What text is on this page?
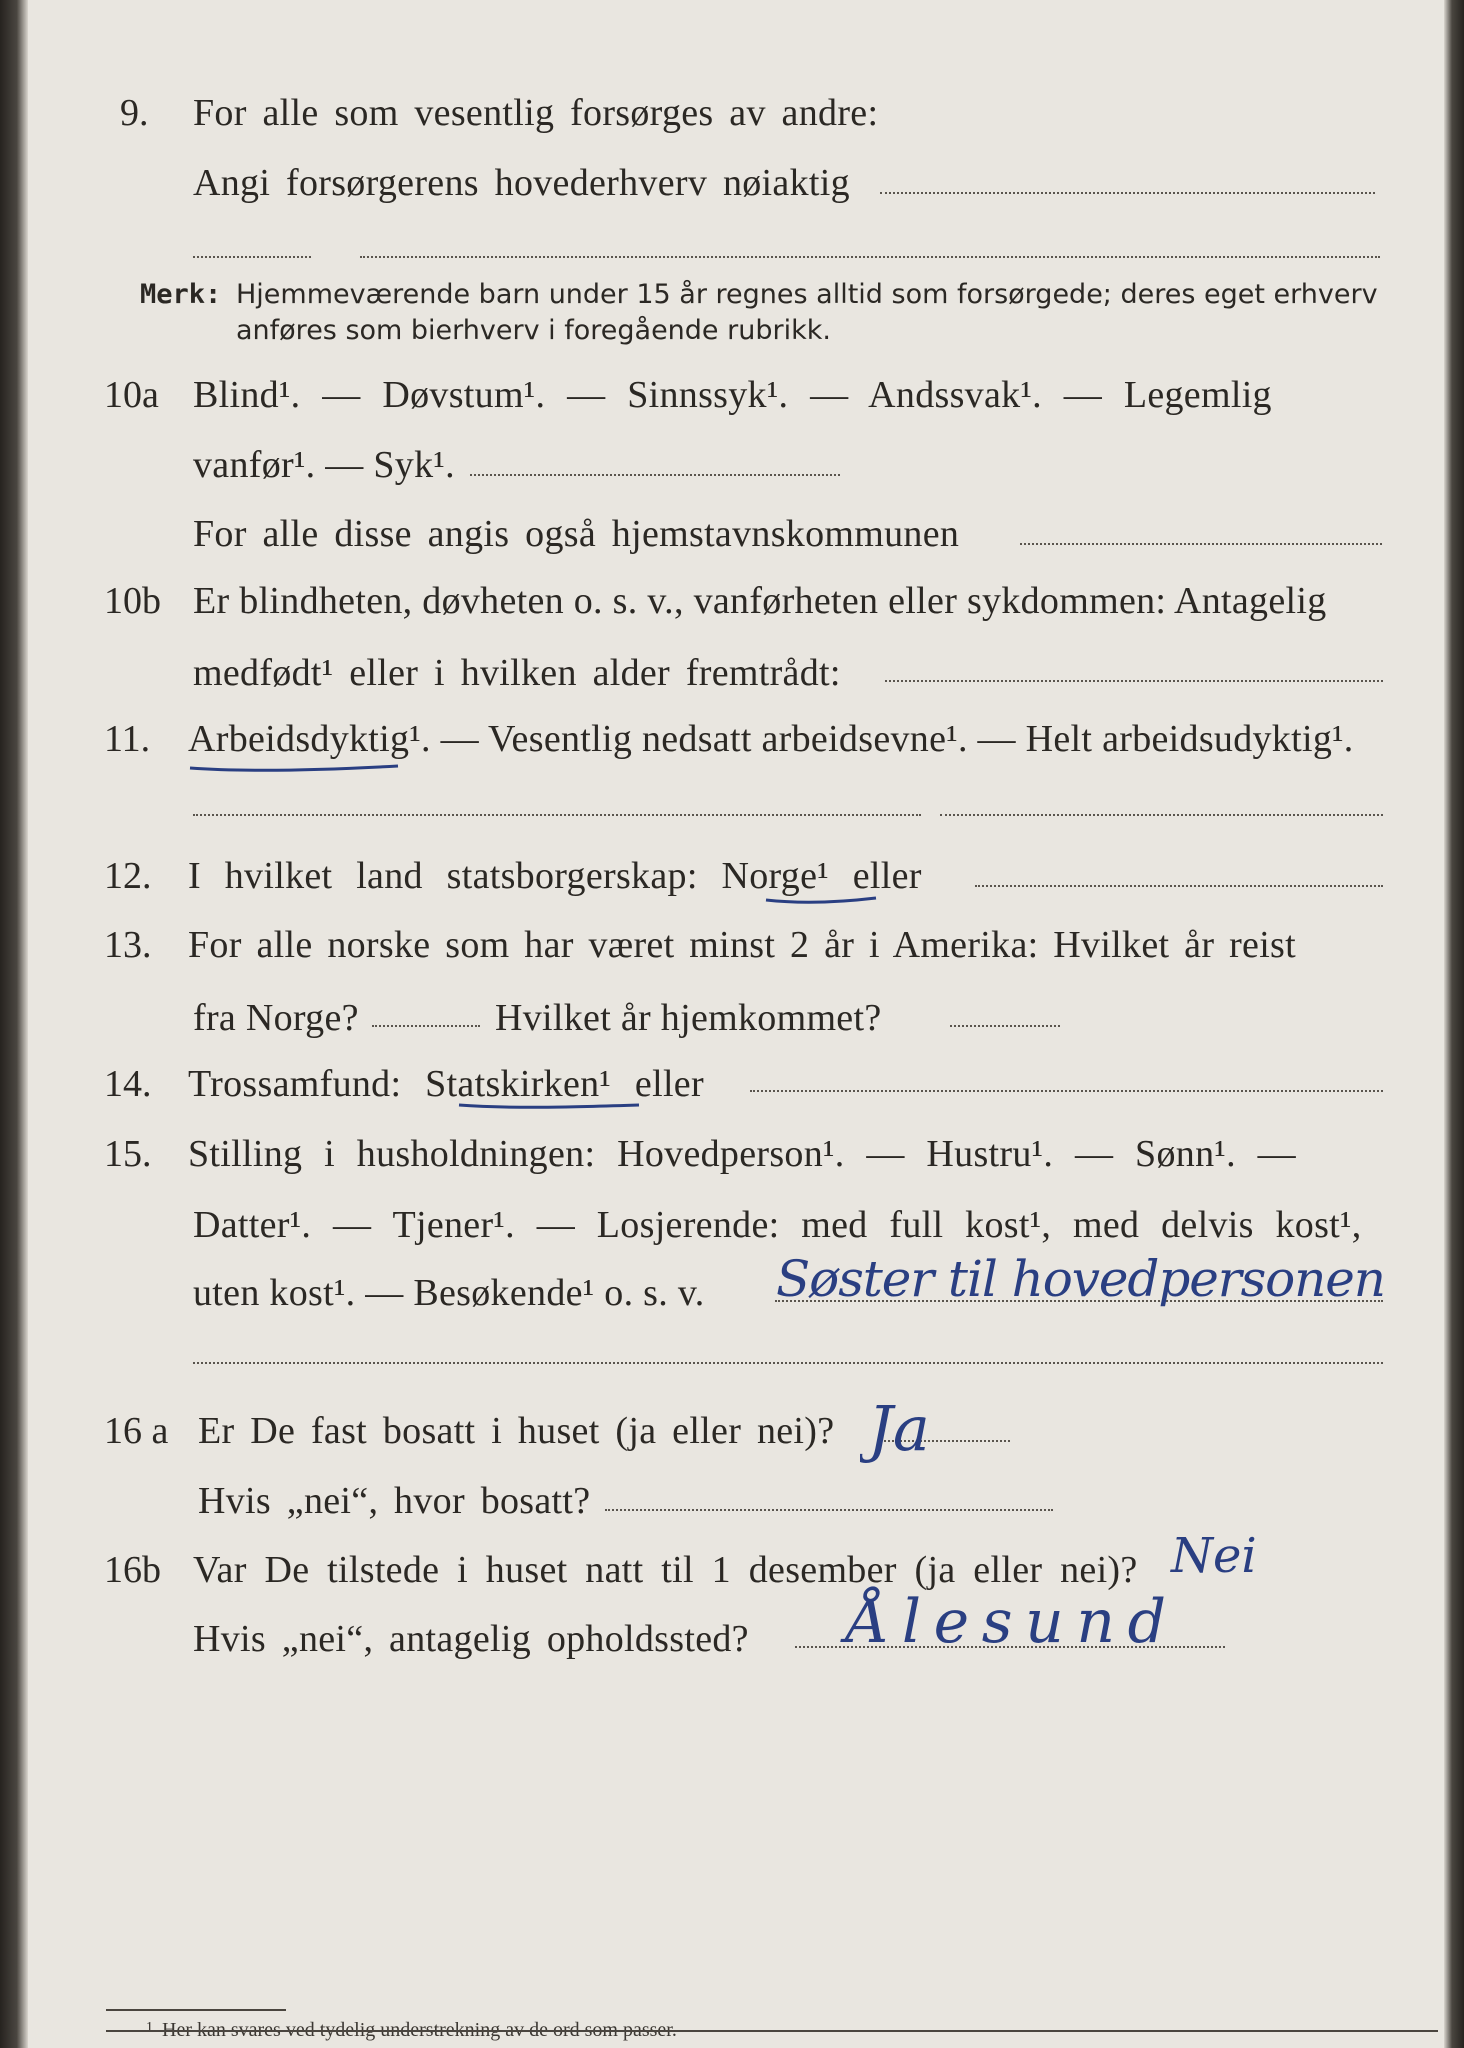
9. For alle som vesentlig forsørges av andre:
Angi forsørgerens hovederhverv nøiaktig
Merk: Hjemmeværende barn under 15 år regnes alltid som forsørgede; deres eget erhverv
anføres som bierhverv i foregående rubrikk.
10a Blind¹. — Døvstum¹. — Sinnssyk¹. — Andssvak¹. — Legemlig
vanfør¹. — Syk¹.
For alle disse angis også hjemstavnskommunen
10b Er blindheten, døvheten o. s. v., vanførheten eller sykdommen: Antagelig
medfødt¹ eller i hvilken alder fremtrådt:
11. Arbeidsdyktig¹. — Vesentlig nedsatt arbeidsevne¹. — Helt arbeidsudyktig¹.
12. I hvilket land statsborgerskap: Norge¹ eller
13. For alle norske som har været minst 2 år i Amerika: Hvilket år reist
fra Norge?	Hvilket år hjemkommet?
14. Trossamfund: Statskirken¹ eller
15. Stilling i husholdningen: Hovedperson¹. — Hustru¹. — Sønn¹. —
Datter¹. — Tjener¹. — Losjerende: med full kost¹, med delvis kost¹,
uten kost¹. — Besøkende¹ o. s. v. Søster til hovedpersonen
16 a Er De fast bosatt i huset (ja eller nei)? Ja
Hvis „nei“, hvor bosatt?
16b Var De tilstede i huset natt til 1 desember (ja eller nei)? Nei
Hvis „nei“, antagelig opholdssted? Ålesund
1 Her kan svares ved tydelig understrekning av de ord som passer.
